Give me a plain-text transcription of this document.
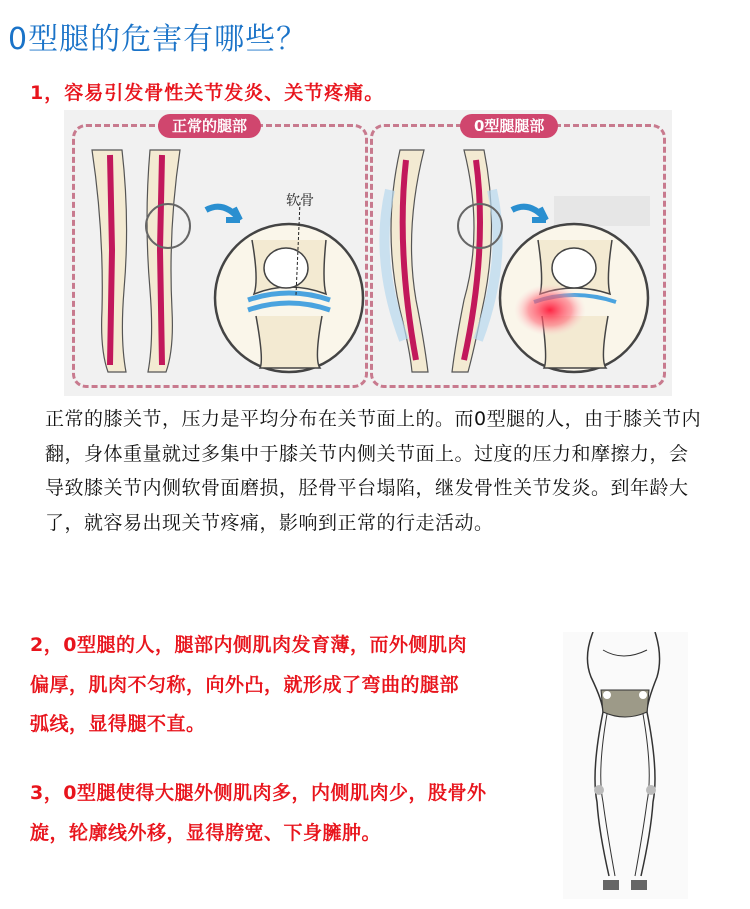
0型腿的危害有哪些？
1，容易引发骨性关节发炎、关节疼痛。
正常的腿部	0型腿腿部
软骨
正常的膝关节，压力是平均分布在关节面上的。而0型腿的人，由于膝关节内翻，身体重量就过多集中于膝关节内侧关节面上。过度的压力和摩擦力，会导致膝关节内侧软骨面磨损，胫骨平台塌陷，继发骨性关节发炎。到年龄大了，就容易出现关节疼痛，影响到正常的行走活动。
2，0型腿的人，腿部内侧肌肉发育薄，而外侧肌肉偏厚，肌肉不匀称，向外凸，就形成了弯曲的腿部弧线，显得腿不直。
3，0型腿使得大腿外侧肌肉多，内侧肌肉少，股骨外旋，轮廓线外移，显得胯宽、下身臃肿。
